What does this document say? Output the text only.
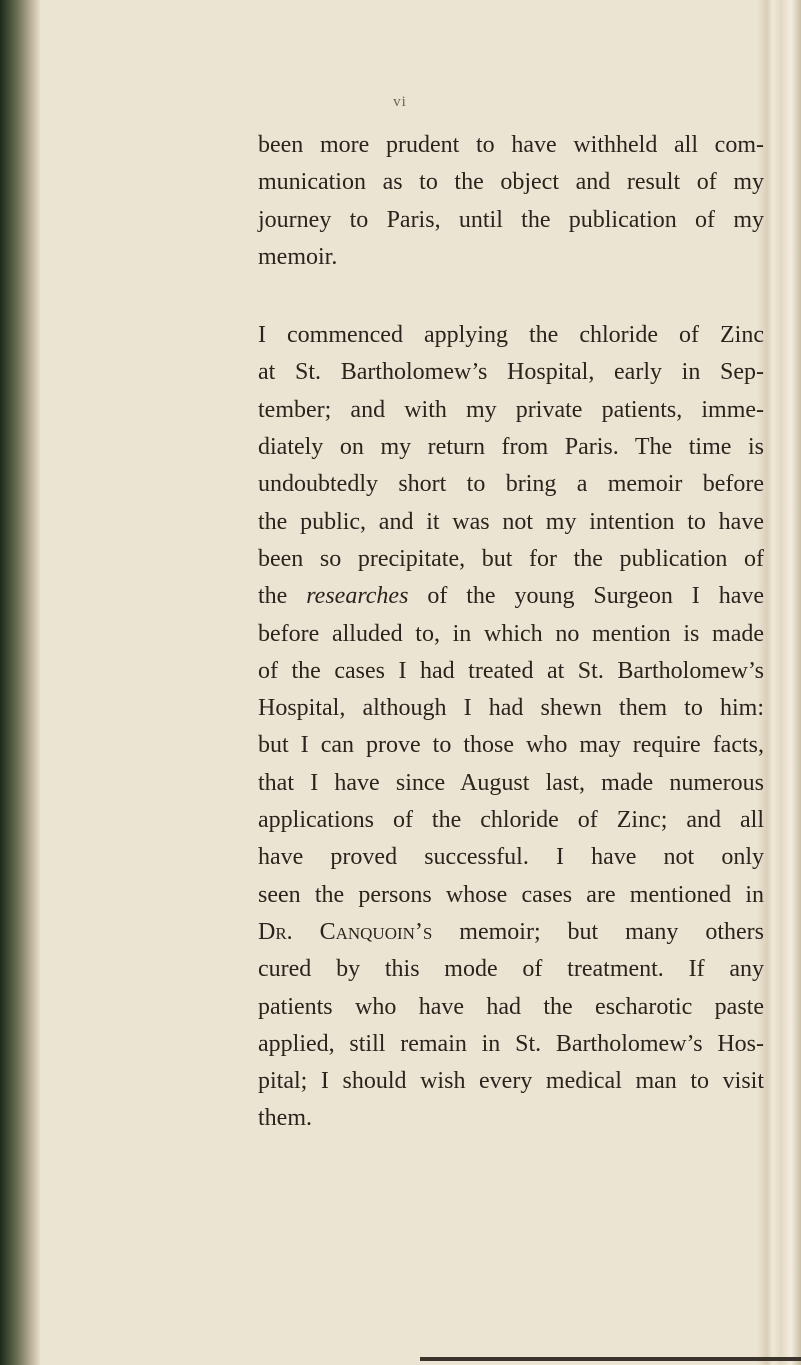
vi

been more prudent to have withheld all com-

munication as to the object and result of my

journey to Paris, until the publication of my

memoir.

I commenced applying the chloride of Zinc

at St. Bartholomew’s Hospital, early in Sep-

tember; and with my private patients, imme-

diately on my return from Paris. The time is

undoubtedly short to bring a memoir before

the public, and it was not my intention to have

been so precipitate, but for the publication of

the researches of the young Surgeon I have

before alluded to, in which no mention is made

of the cases I had treated at St. Bartholomew’s

Hospital, although I had shewn them to him:

but I can prove to those who may require facts,

that I have since August last, made numerous

applications of the chloride of Zinc; and all

have proved successful. I have not only

seen the persons whose cases are mentioned in

Dr. Canquoin’s memoir; but many others

cured by this mode of treatment. If any

patients who have had the escharotic paste

applied, still remain in St. Bartholomew’s Hos-

pital; I should wish every medical man to visit

them.
